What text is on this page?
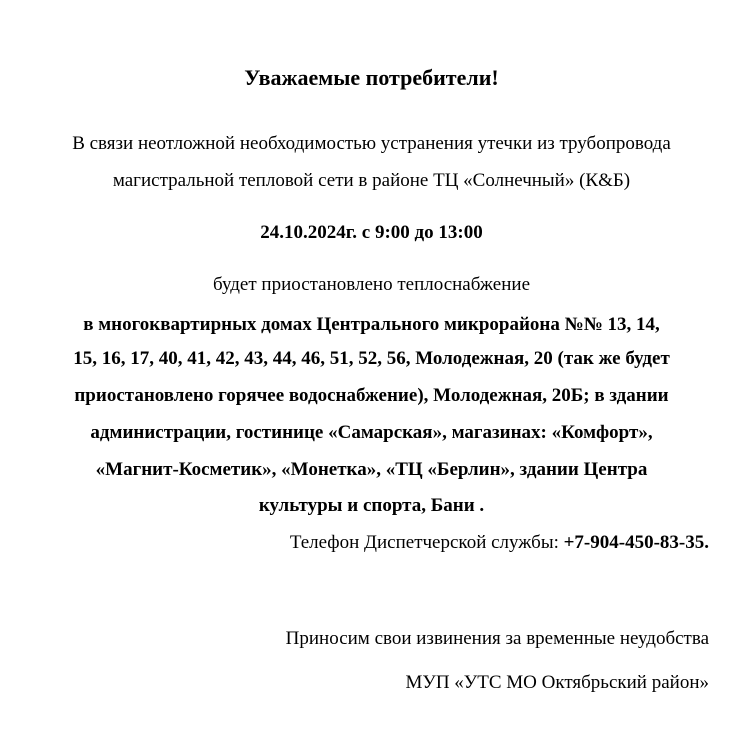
Уважаемые потребители!
В связи неотложной необходимостью устранения утечки из трубопровода
магистральной тепловой сети в районе ТЦ «Солнечный» (К&Б)
24.10.2024г. с 9:00 до 13:00
будет приостановлено теплоснабжение
в многоквартирных домах Центрального микрорайона №№ 13, 14,
15, 16, 17, 40, 41, 42, 43, 44, 46, 51, 52, 56, Молодежная, 20 (так же будет
приостановлено горячее водоснабжение), Молодежная, 20Б; в здании
администрации, гостинице «Самарская», магазинах: «Комфорт»,
«Магнит-Косметик», «Монетка», «ТЦ «Берлин», здании Центра
культуры и спорта, Бани .
Телефон Диспетчерской службы: +7-904-450-83-35.
Приносим свои извинения за временные неудобства
МУП «УТС МО Октябрьский район»
